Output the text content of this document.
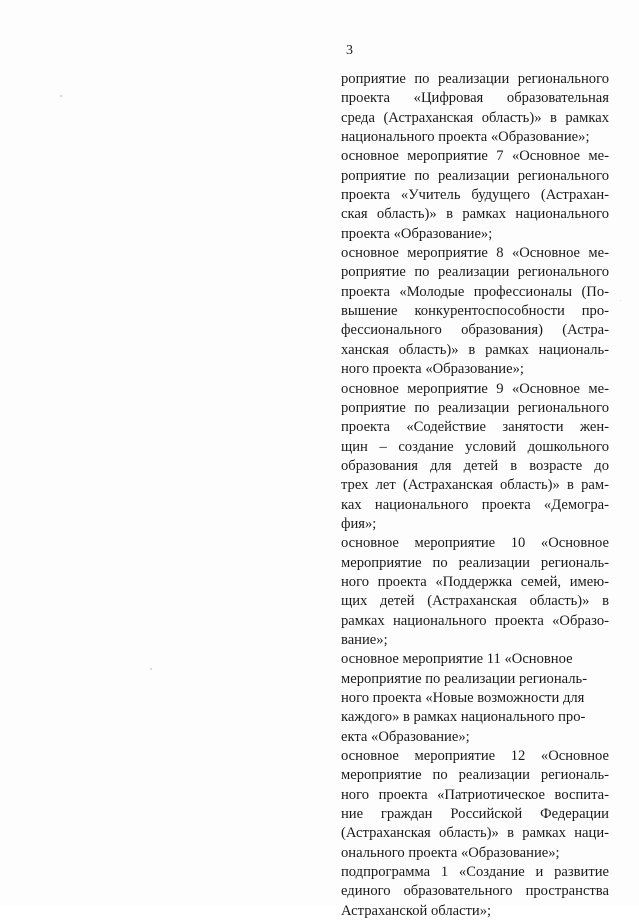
3
роприятие по реализации регионального
проекта «Цифровая образовательная
среда (Астраханская область)» в рамках
национального проекта «Образование»;
основное мероприятие 7 «Основное ме-
роприятие по реализации регионального
проекта «Учитель будущего (Астрахан-
ская область)» в рамках национального
проекта «Образование»;
основное мероприятие 8 «Основное ме-
роприятие по реализации регионального
проекта «Молодые профессионалы (По-
вышение конкурентоспособности про-
фессионального образования) (Астра-
ханская область)» в рамках националь-
ного проекта «Образование»;
основное мероприятие 9 «Основное ме-
роприятие по реализации регионального
проекта «Содействие занятости жен-
щин – создание условий дошкольного
образования для детей в возрасте до
трех лет (Астраханская область)» в рам-
ках национального проекта «Демогра-
фия»;
основное мероприятие 10 «Основное
мероприятие по реализации региональ-
ного проекта «Поддержка семей, имею-
щих детей (Астраханская область)» в
рамках национального проекта «Образо-
вание»;
основное мероприятие 11 «Основное
мероприятие по реализации региональ-
ного проекта «Новые возможности для
каждого» в рамках национального про-
екта «Образование»;
основное мероприятие 12 «Основное
мероприятие по реализации региональ-
ного проекта «Патриотическое воспита-
ние граждан Российской Федерации
(Астраханская область)» в рамках наци-
онального проекта «Образование»;
подпрограмма 1 «Создание и развитие
единого образовательного пространства
Астраханской области»;
